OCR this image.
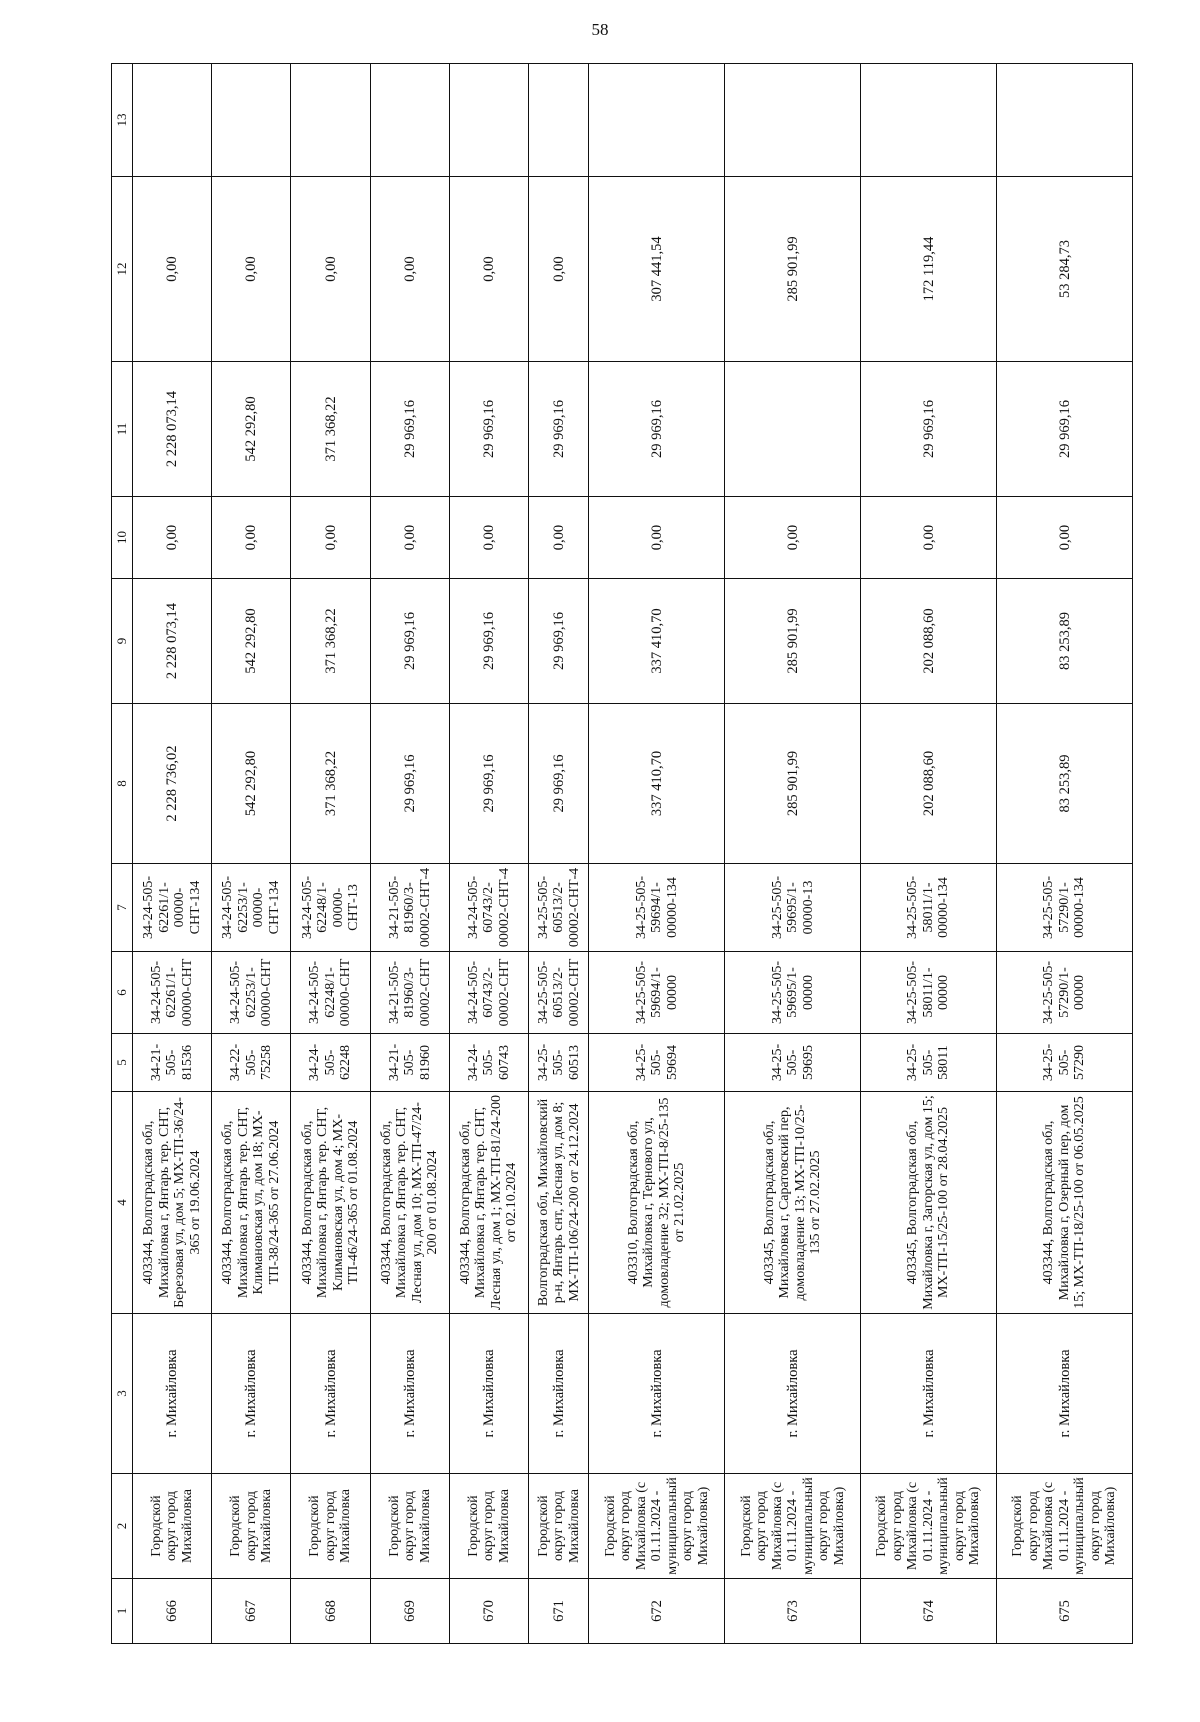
58
1	2	3	4	5	6	7	8	9	10	11	12	13
666	Городской округ город Михайловка	г. Михайловка	403344, Волгоградская обл, Михайловка г, Янтарь тер. СНТ, Березовая ул, дом 5; МХ-ТП-36/24-365 от 19.06.2024	34-21-505-81536	34-24-505-62261/1-00000-СНТ	34-24-505-62261/1-00000-СНТ-134	2 228 736,02	2 228 073,14	0,00	2 228 073,14	0,00	
667	Городской округ город Михайловка	г. Михайловка	403344, Волгоградская обл, Михайловка г, Янтарь тер. СНТ, Климановская ул, дом 18; МХ-ТП-38/24-365 от 27.06.2024	34-22-505-75258	34-24-505-62253/1-00000-СНТ	34-24-505-62253/1-00000-СНТ-134	542 292,80	542 292,80	0,00	542 292,80	0,00	
668	Городской округ город Михайловка	г. Михайловка	403344, Волгоградская обл, Михайловка г, Янтарь тер. СНТ, Климановская ул, дом 4; МХ-ТП-46/24-365 от 01.08.2024	34-24-505-62248	34-24-505-62248/1-00000-СНТ	34-24-505-62248/1-00000-СНТ-13	371 368,22	371 368,22	0,00	371 368,22	0,00	
669	Городской округ город Михайловка	г. Михайловка	403344, Волгоградская обл, Михайловка г, Янтарь тер. СНТ, Лесная ул, дом 10; МХ-ТП-47/24-200 от 01.08.2024	34-21-505-81960	34-21-505-81960/3-00002-СНТ	34-21-505-81960/3-00002-СНТ-4	29 969,16	29 969,16	0,00	29 969,16	0,00	
670	Городской округ город Михайловка	г. Михайловка	403344, Волгоградская обл, Михайловка г, Янтарь тер. СНТ, Лесная ул, дом 1; МХ-ТП-81/24-200 от 02.10.2024	34-24-505-60743	34-24-505-60743/2-00002-СНТ	34-24-505-60743/2-00002-СНТ-4	29 969,16	29 969,16	0,00	29 969,16	0,00	
671	Городской округ город Михайловка	г. Михайловка	Волгоградская обл, Михайловский р-н, Янтарь снт, Лесная ул, дом 8; МХ-ТП-106/24-200 от 24.12.2024	34-25-505-60513	34-25-505-60513/2-00002-СНТ	34-25-505-60513/2-00002-СНТ-4	29 969,16	29 969,16	0,00	29 969,16	0,00	
672	Городской округ город Михайловка (с 01.11.2024 - муниципальный округ город Михайловка)	г. Михайловка	403310, Волгоградская обл, Михайловка г, Тернового ул, домовладение 32; МХ-ТП-8/25-135 от 21.02.2025	34-25-505-59694	34-25-505-59694/1-00000	34-25-505-59694/1-00000-134	337 410,70	337 410,70	0,00	29 969,16	307 441,54	
673	Городской округ город Михайловка (с 01.11.2024 - муниципальный округ город Михайловка)	г. Михайловка	403345, Волгоградская обл, Михайловка г, Саратовский пер, домовладение 13; МХ-ТП-10/25-135 от 27.02.2025	34-25-505-59695	34-25-505-59695/1-00000	34-25-505-59695/1-00000-13	285 901,99	285 901,99	0,00		285 901,99	
674	Городской округ город Михайловка (с 01.11.2024 - муниципальный округ город Михайловка)	г. Михайловка	403345, Волгоградская обл, Михайловка г, Загорская ул, дом 15; МХ-ТП-15/25-100 от 28.04.2025	34-25-505-58011	34-25-505-58011/1-00000	34-25-505-58011/1-00000-134	202 088,60	202 088,60	0,00	29 969,16	172 119,44	
675	Городской округ город Михайловка (с 01.11.2024 - муниципальный округ город Михайловка)	г. Михайловка	403344, Волгоградская обл, Михайловка г, Озерный пер, дом 15; МХ-ТП-18/25-100 от 06.05.2025	34-25-505-57290	34-25-505-57290/1-00000	34-25-505-57290/1-00000-134	83 253,89	83 253,89	0,00	29 969,16	53 284,73	
